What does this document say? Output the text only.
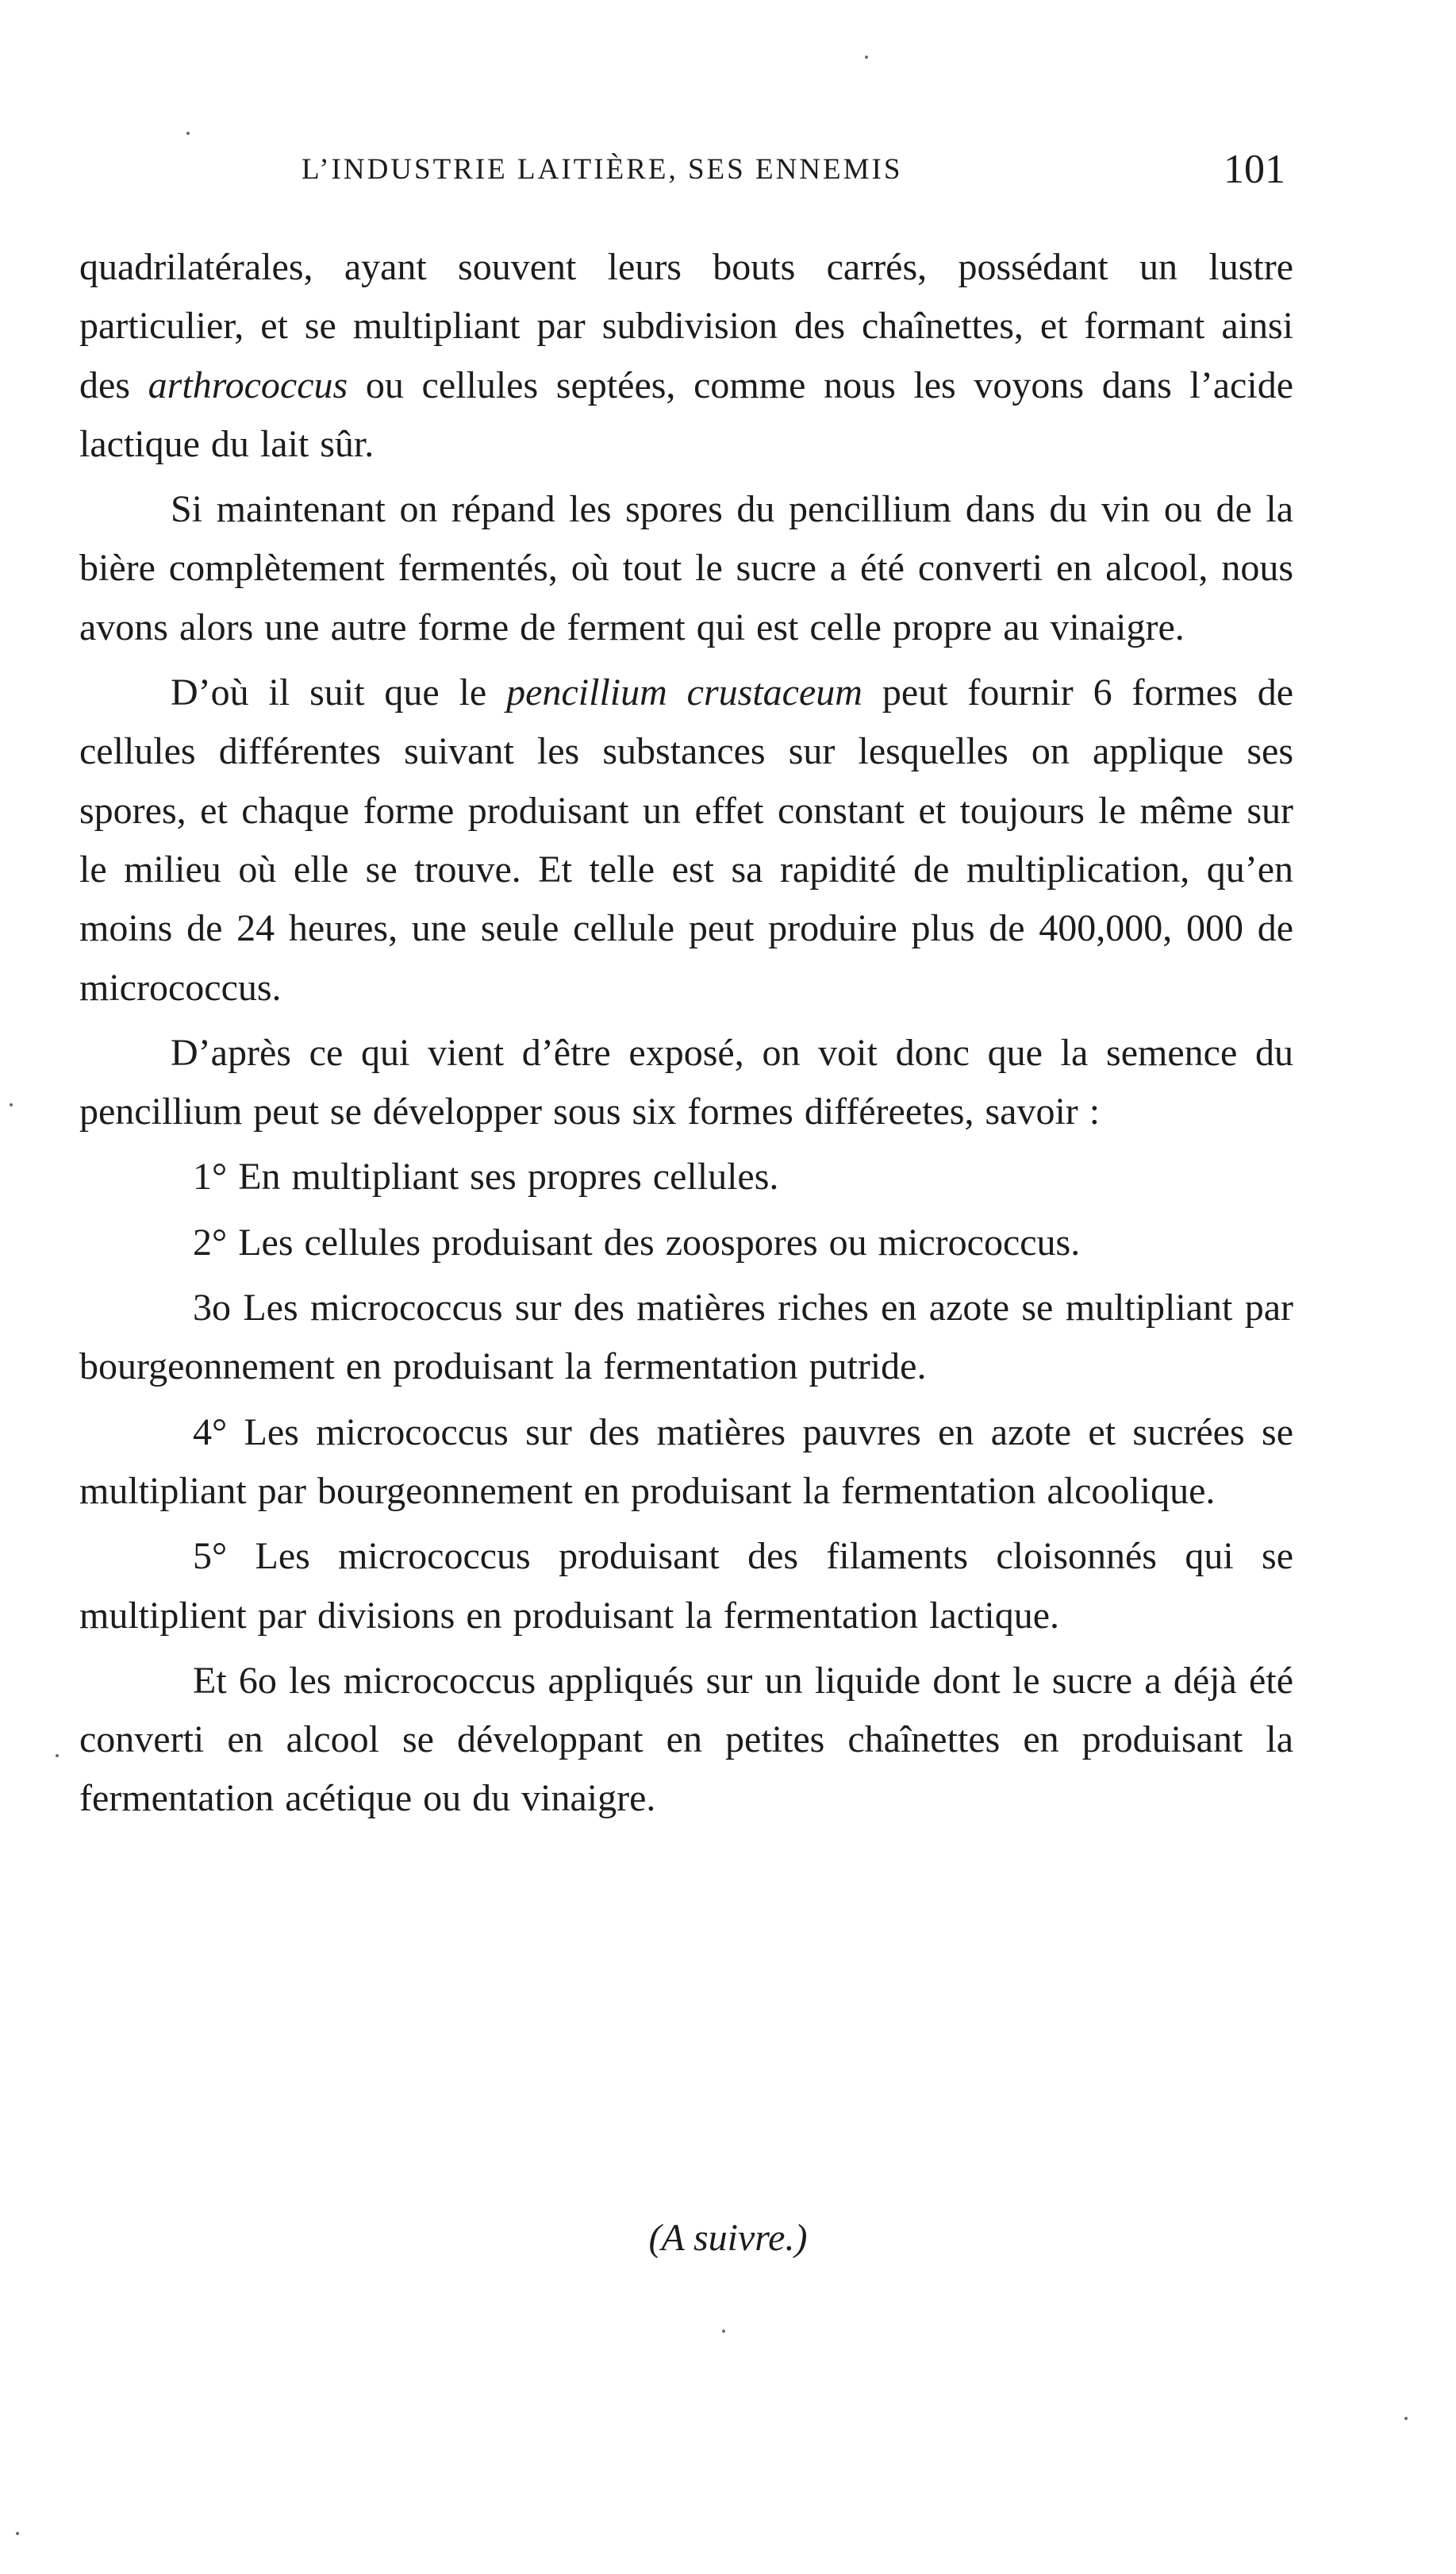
L’INDUSTRIE LAITIÈRE, SES ENNEMIS	101

quadrilatérales, ayant souvent leurs bouts carrés, possédant un lustre particulier, et se multipliant par subdivision des chaînettes, et formant ainsi des arthrococcus ou cellules septées, comme nous les voyons dans l’acide lactique du lait sûr.

Si maintenant on répand les spores du pencillium dans du vin ou de la bière complètement fermentés, où tout le sucre a été converti en alcool, nous avons alors une autre forme de ferment qui est celle propre au vinaigre.

D’où il suit que le pencillium crustaceum peut fournir 6 formes de cellules différentes suivant les substances sur lesquelles on applique ses spores, et chaque forme produisant un effet constant et toujours le même sur le milieu où elle se trouve. Et telle est sa rapidité de multiplication, qu’en moins de 24 heures, une seule cellule peut produire plus de 400,000, 000 de micrococcus.

D’après ce qui vient d’être exposé, on voit donc que la semence du pencillium peut se développer sous six formes différeetes, savoir :

1° En multipliant ses propres cellules.

2° Les cellules produisant des zoospores ou micrococcus.

3o Les micrococcus sur des matières riches en azote se multipliant par bourgeonnement en produisant la fermentation putride.

4° Les micrococcus sur des matières pauvres en azote et sucrées se multipliant par bourgeonnement en produisant la fermentation alcoolique.

5° Les micrococcus produisant des filaments cloisonnés qui se multiplient par divisions en produisant la fermentation lactique.

Et 6o les micrococcus appliqués sur un liquide dont le sucre a déjà été converti en alcool se développant en petites chaînettes en produisant la fermentation acétique ou du vinaigre.

(A suivre.)
